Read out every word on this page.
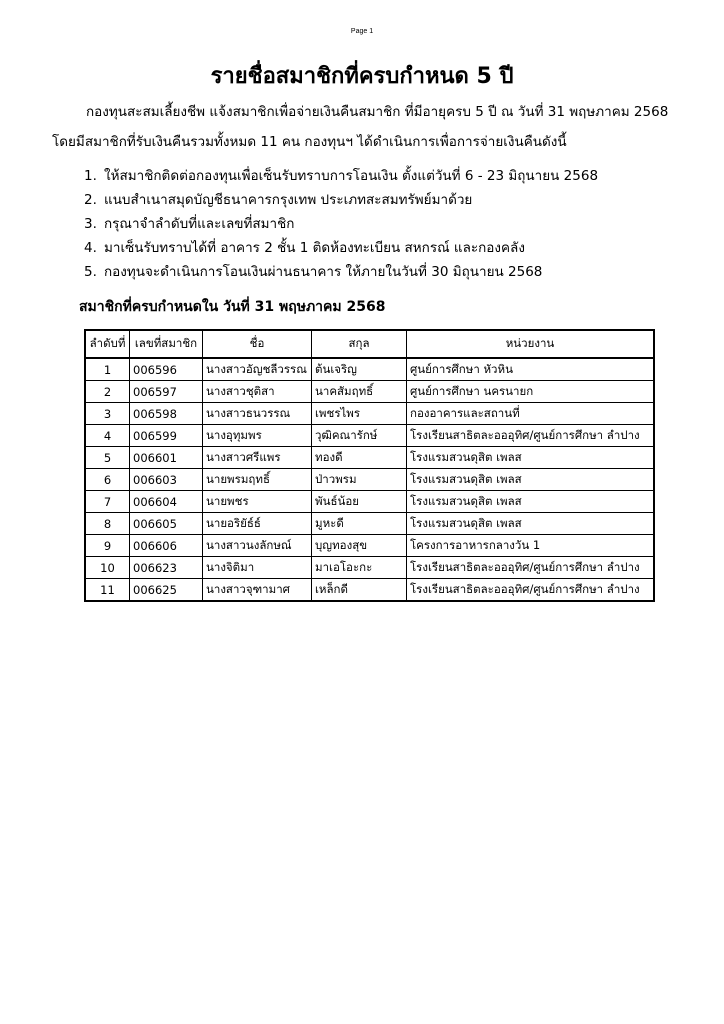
Page 1
รายชื่อสมาชิกที่ครบกำหนด 5 ปี
กองทุนสะสมเลี้ยงชีพ แจ้งสมาชิกเพื่อจ่ายเงินคืนสมาชิก ที่มีอายุครบ 5 ปี ณ วันที่ 31 พฤษภาคม 2568
โดยมีสมาชิกที่รับเงินคืนรวมทั้งหมด 11 คน กองทุนฯ ได้ดำเนินการเพื่อการจ่ายเงินคืนดังนี้
1. ให้สมาชิกติดต่อกองทุนเพื่อเซ็นรับทราบการโอนเงิน ตั้งแต่วันที่ 6 - 23 มิถุนายน 2568
2. แนบสำเนาสมุดบัญชีธนาคารกรุงเทพ ประเภทสะสมทรัพย์มาด้วย
3. กรุณาจำลำดับที่และเลขที่สมาชิก
4. มาเซ็นรับทราบได้ที่ อาคาร 2 ชั้น 1 ติดห้องทะเบียน สหกรณ์ และกองคลัง
5. กองทุนจะดำเนินการโอนเงินผ่านธนาคาร ให้ภายในวันที่ 30 มิถุนายน 2568
สมาชิกที่ครบกำหนดใน วันที่ 31 พฤษภาคม 2568
ลำดับที่	เลขที่สมาชิก	ชื่อ	สกุล	หน่วยงาน
1	006596	นางสาวอัญชลีวรรณ	ต้นเจริญ	ศูนย์การศึกษา หัวหิน
2	006597	นางสาวชุติสา	นาคสัมฤทธิ์	ศูนย์การศึกษา นครนายก
3	006598	นางสาวธนวรรณ	เพชรไพร	กองอาคารและสถานที่
4	006599	นางอุทุมพร	วุฒิคณารักษ์	โรงเรียนสาธิตละอออุทิศ/ศูนย์การศึกษา ลำปาง
5	006601	นางสาวศรีแพร	ทองดี	โรงแรมสวนดุสิต เพลส
6	006603	นายพรมฤทธิ์	ป่าวพรม	โรงแรมสวนดุสิต เพลส
7	006604	นายพชร	พันธ์น้อย	โรงแรมสวนดุสิต เพลส
8	006605	นายอริยัธ์ธ์	มูหะดี	โรงแรมสวนดุสิต เพลส
9	006606	นางสาวนงลักษณ์	บุญทองสุข	โครงการอาหารกลางวัน 1
10	006623	นางจิติมา	มาเอโอะกะ	โรงเรียนสาธิตละอออุทิศ/ศูนย์การศึกษา ลำปาง
11	006625	นางสาวจุฑามาศ	เหล็กดี	โรงเรียนสาธิตละอออุทิศ/ศูนย์การศึกษา ลำปาง
